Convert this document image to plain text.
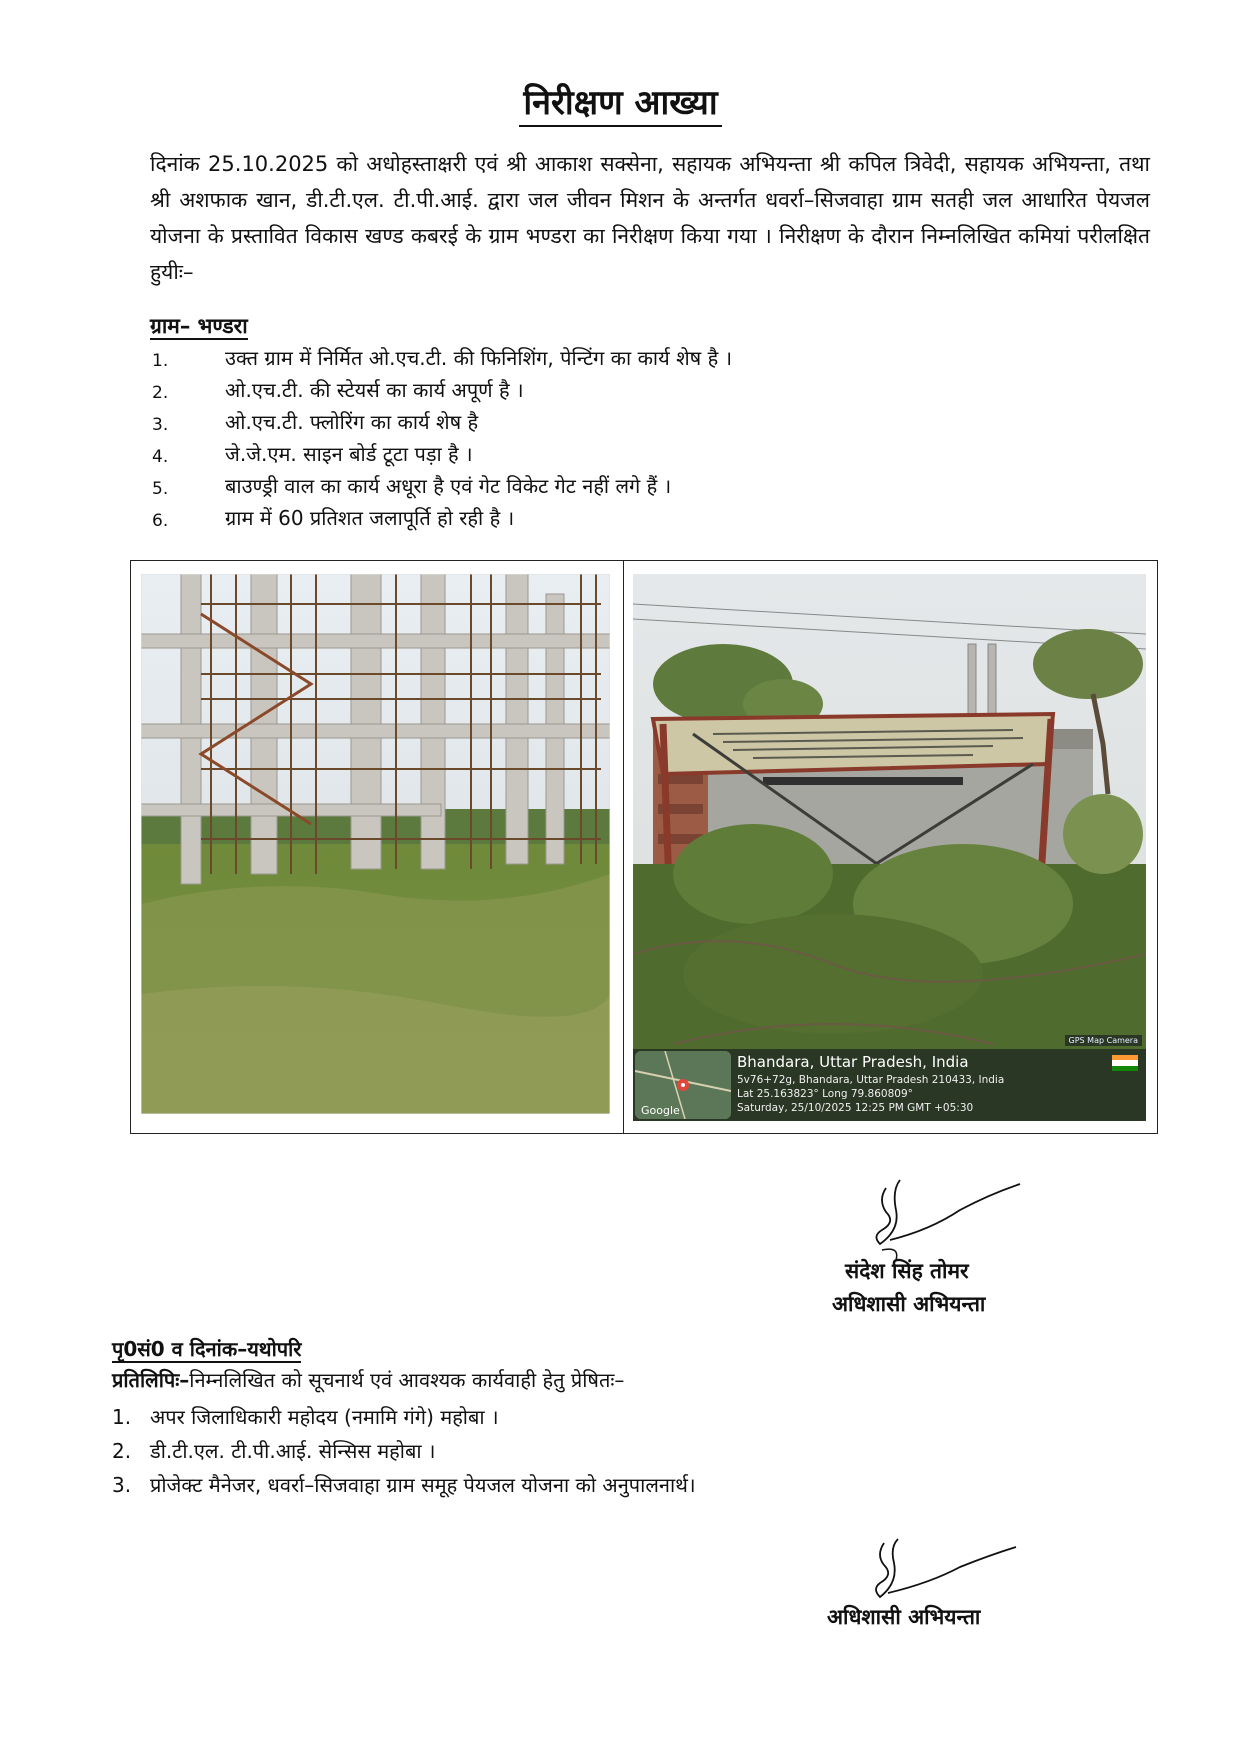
निरीक्षण आख्या
दिनांक 25.10.2025 को अधोहस्ताक्षरी एवं श्री आकाश सक्सेना, सहायक अभियन्ता श्री कपिल त्रिवेदी, सहायक अभियन्ता, तथा श्री अशफाक खान, डी.टी.एल. टी.पी.आई. द्वारा जल जीवन मिशन के अन्तर्गत धवर्रा–सिजवाहा ग्राम सतही जल आधारित पेयजल योजना के प्रस्तावित विकास खण्ड कबरई के ग्राम भण्डरा का निरीक्षण किया गया । निरीक्षण के दौरान निम्नलिखित कमियां परीलक्षित हुयीः–
ग्राम– भण्डरा
1.	उक्त ग्राम में निर्मित ओ.एच.टी. की फिनिशिंग, पेन्टिंग का कार्य शेष है ।
2.	ओ.एच.टी. की स्टेयर्स का कार्य अपूर्ण है ।
3.	ओ.एच.टी. फ्लोरिंग का कार्य शेष है
4.	जे.जे.एम. साइन बोर्ड टूटा पड़ा है ।
5.	बाउण्ड्री वाल का कार्य अधूरा है एवं गेट विकेट गेट नहीं लगे हैं ।
6.	ग्राम में 60 प्रतिशत जलापूर्ति हो रही है ।
GPS Map Camera
Google
Bhandara, Uttar Pradesh, India
5v76+72g, Bhandara, Uttar Pradesh 210433, India
Lat 25.163823° Long 79.860809°
Saturday, 25/10/2025 12:25 PM GMT +05:30
संदेश सिंह तोमर
अधिशासी अभियन्ता
पृ0सं0 व दिनांक–यथोपरि
प्रतिलिपिः–निम्नलिखित को सूचनार्थ एवं आवश्यक कार्यवाही हेतु प्रेषितः–
1. अपर जिलाधिकारी महोदय (नमामि गंगे) महोबा ।
2. डी.टी.एल. टी.पी.आई. सेन्सिस महोबा ।
3. प्रोजेक्ट मैनेजर, धवर्रा–सिजवाहा ग्राम समूह पेयजल योजना को अनुपालनार्थ।
अधिशासी अभियन्ता
